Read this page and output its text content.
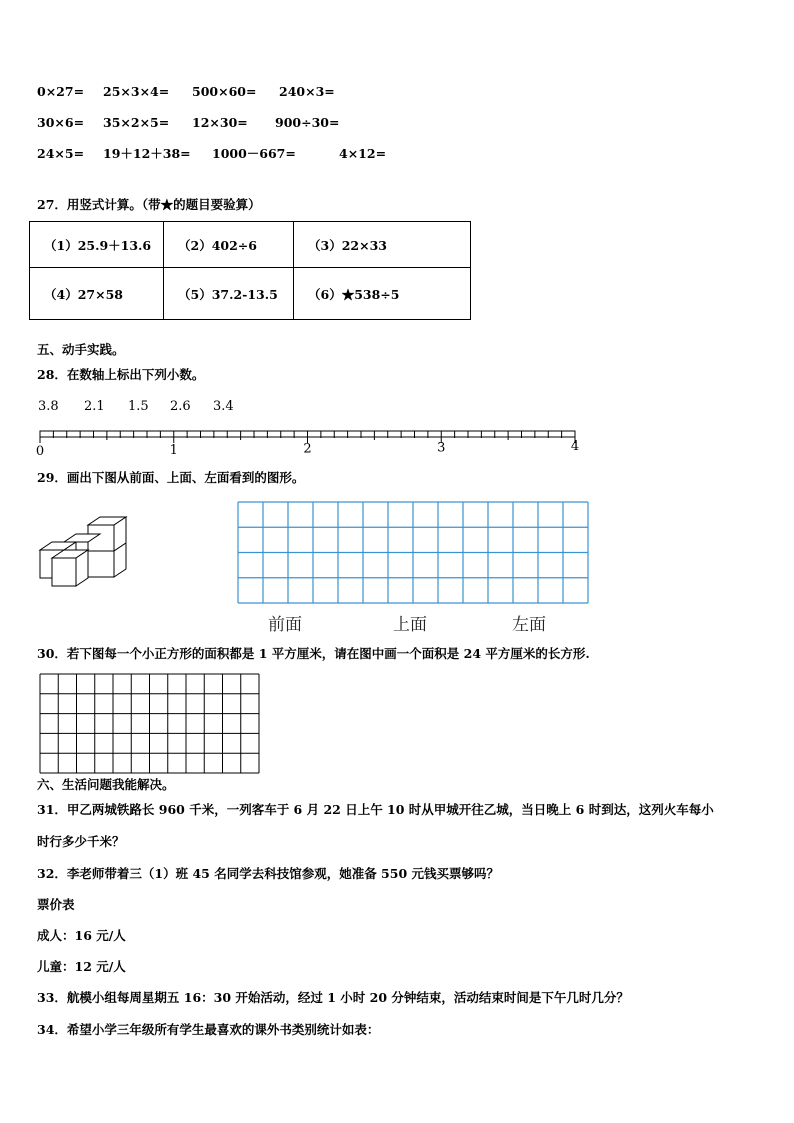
0×27= 25×3×4= 500×60= 240×3=
30×6= 35×2×5= 12×30= 900÷30=
24×5= 19＋12＋38= 1000－667=	4×12=
27．用竖式计算。（带★的题目要验算）
（1）25.9＋13.6	（2）402÷6	（3）22×33
（4）27×58	（5）37.2-13.5	（6）★538÷5
五、动手实践。
28．在数轴上标出下列小数。
3.8 2.1 1.5 2.6 3.4
0	1	2	3	4
29．画出下图从前面、上面、左面看到的图形。
前面	上面	左面
30．若下图每一个小正方形的面积都是 1 平方厘米，请在图中画一个面积是 24 平方厘米的长方形.
六、生活问题我能解决。
31．甲乙两城铁路长 960 千米，一列客车于 6 月 22 日上午 10 时从甲城开往乙城，当日晚上 6 时到达，这列火车每小
时行多少千米？
32．李老师带着三（1）班 45 名同学去科技馆参观，她准备 550 元钱买票够吗？
票价表
成人：16 元/人
儿童：12 元/人
33．航模小组每周星期五 16：30 开始活动，经过 1 小时 20 分钟结束，活动结束时间是下午几时几分？
34．希望小学三年级所有学生最喜欢的课外书类别统计如表：
